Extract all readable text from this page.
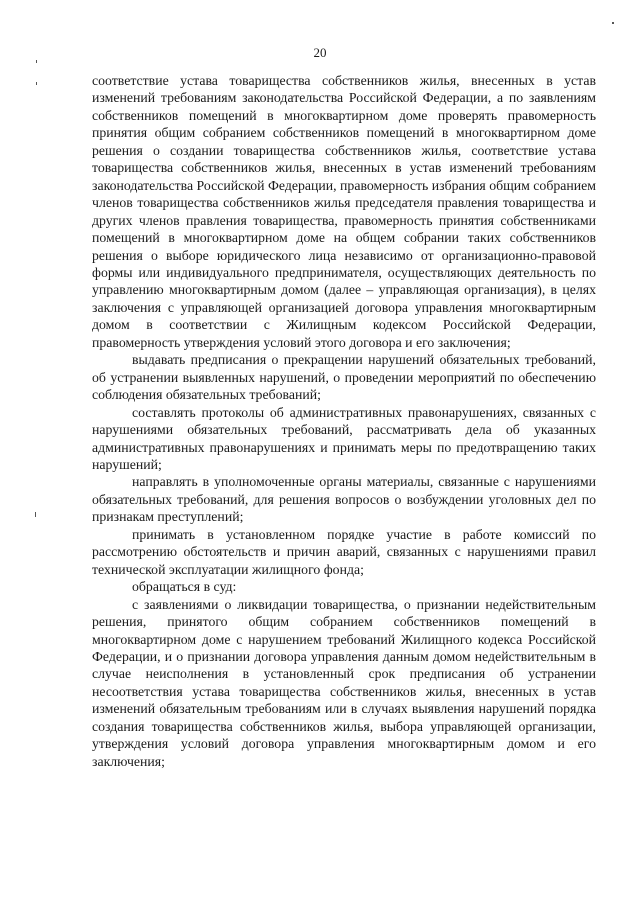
20

соответствие устава товарищества собственников жилья, внесенных в устав изменений требованиям законодательства Российской Федерации, а по заявлениям собственников помещений в многоквартирном доме проверять правомерность принятия общим собранием собственников помещений в многоквартирном доме решения о создании товарищества собственников жилья, соответствие устава товарищества собственников жилья, внесенных в устав изменений требованиям законодательства Российской Федерации, правомерность избрания общим собранием членов товарищества собственников жилья председателя правления товарищества и других членов правления товарищества, правомерность принятия собственниками помещений в многоквартирном доме на общем собрании таких собственников решения о выборе юридического лица независимо от организационно-правовой формы или индивидуального предпринимателя, осуществляющих деятельность по управлению многоквартирным домом (далее – управляющая организация), в целях заключения с управляющей организацией договора управления многоквартирным домом в соответствии с Жилищным кодексом Российской Федерации, правомерность утверждения условий этого договора и его заключения;

выдавать предписания о прекращении нарушений обязательных требований, об устранении выявленных нарушений, о проведении мероприятий по обеспечению соблюдения обязательных требований;

составлять протоколы об административных правонарушениях, связанных с нарушениями обязательных требований, рассматривать дела об указанных административных правонарушениях и принимать меры по предотвращению таких нарушений;

направлять в уполномоченные органы материалы, связанные с нарушениями обязательных требований, для решения вопросов о возбуждении уголовных дел по признакам преступлений;

принимать в установленном порядке участие в работе комиссий по рассмотрению обстоятельств и причин аварий, связанных с нарушениями правил технической эксплуатации жилищного фонда;

обращаться в суд:

с заявлениями о ликвидации товарищества, о признании недействительным решения, принятого общим собранием собственников помещений в многоквартирном доме с нарушением требований Жилищного кодекса Российской Федерации, и о признании договора управления данным домом недействительным в случае неисполнения в установленный срок предписания об устранении несоответствия устава товарищества собственников жилья, внесенных в устав изменений обязательным требованиям или в случаях выявления нарушений порядка создания товарищества собственников жилья, выбора управляющей организации, утверждения условий договора управления многоквартирным домом и его заключения;
